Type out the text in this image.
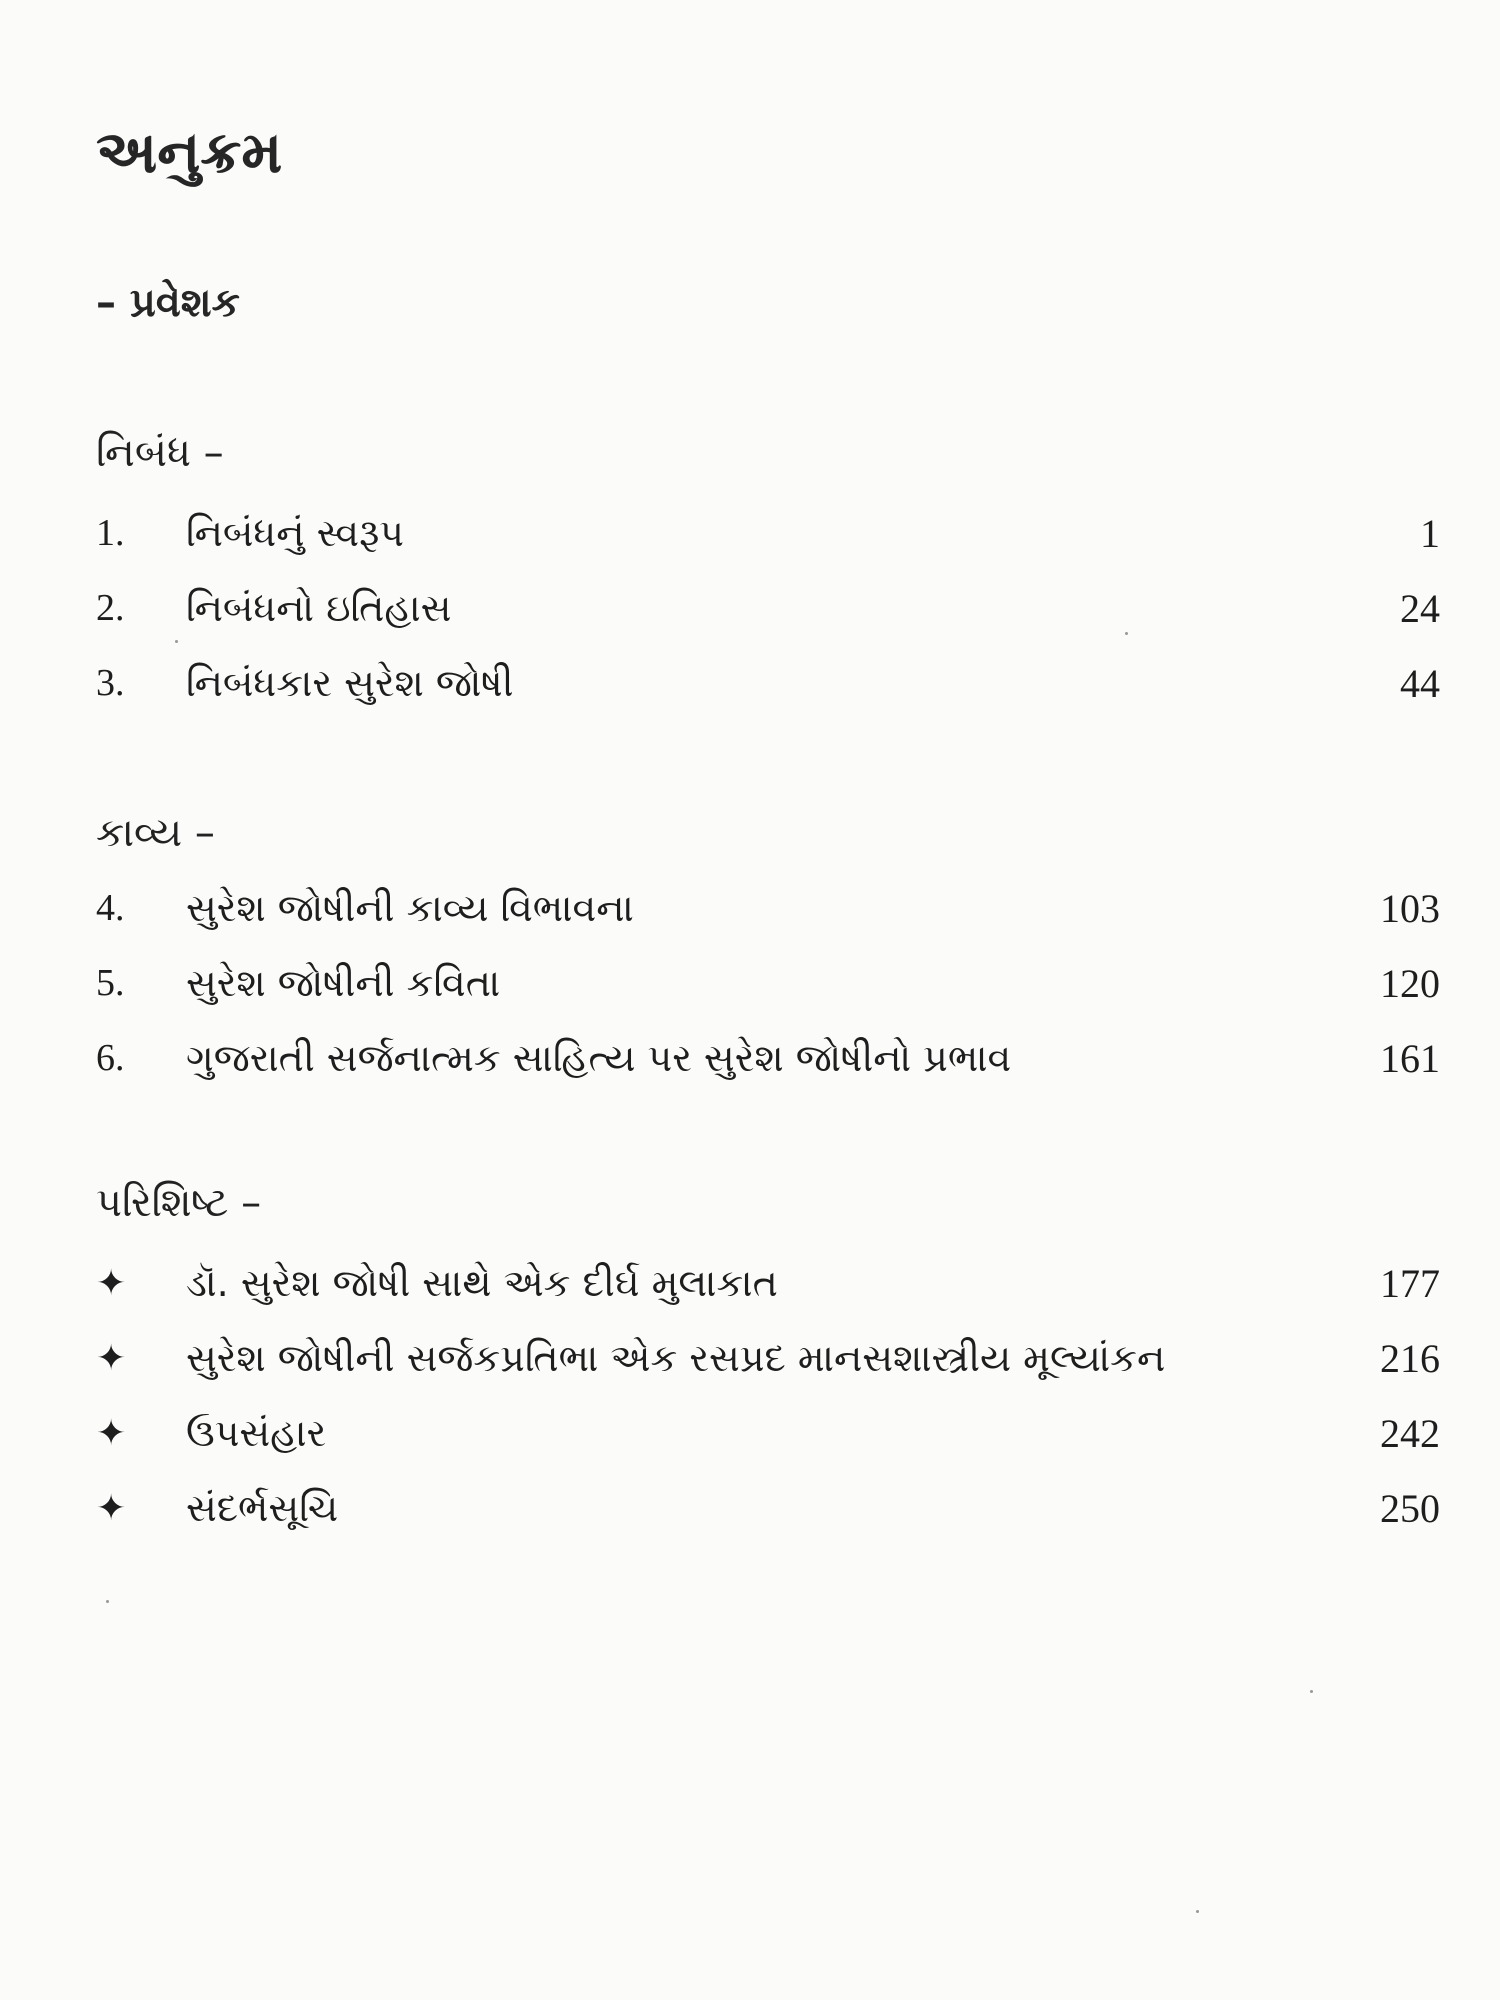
અનુક્રમ
– પ્રવેશક
નિબંધ –
1.	નિબંધનું સ્વરૂપ	1
2.	નિબંધનો ઇતિહાસ	24
3.	નિબંધકાર સુરેશ જોષી	44
કાવ્ય –
4.	સુરેશ જોષીની કાવ્ય વિભાવના	103
5.	સુરેશ જોષીની કવિતા	120
6.	ગુજરાતી સર્જનાત્મક સાહિત્ય પર સુરેશ જોષીનો પ્રભાવ	161
પરિશિષ્ટ –
✦	ડૉ. સુરેશ જોષી સાથે એક દીર્ઘ મુલાકાત	177
✦	સુરેશ જોષીની સર્જકપ્રતિભા એક રસપ્રદ માનસશાસ્ત્રીય મૂલ્યાંકન	216
✦	ઉપસંહાર	242
✦	સંદર્ભસૂચિ	250
